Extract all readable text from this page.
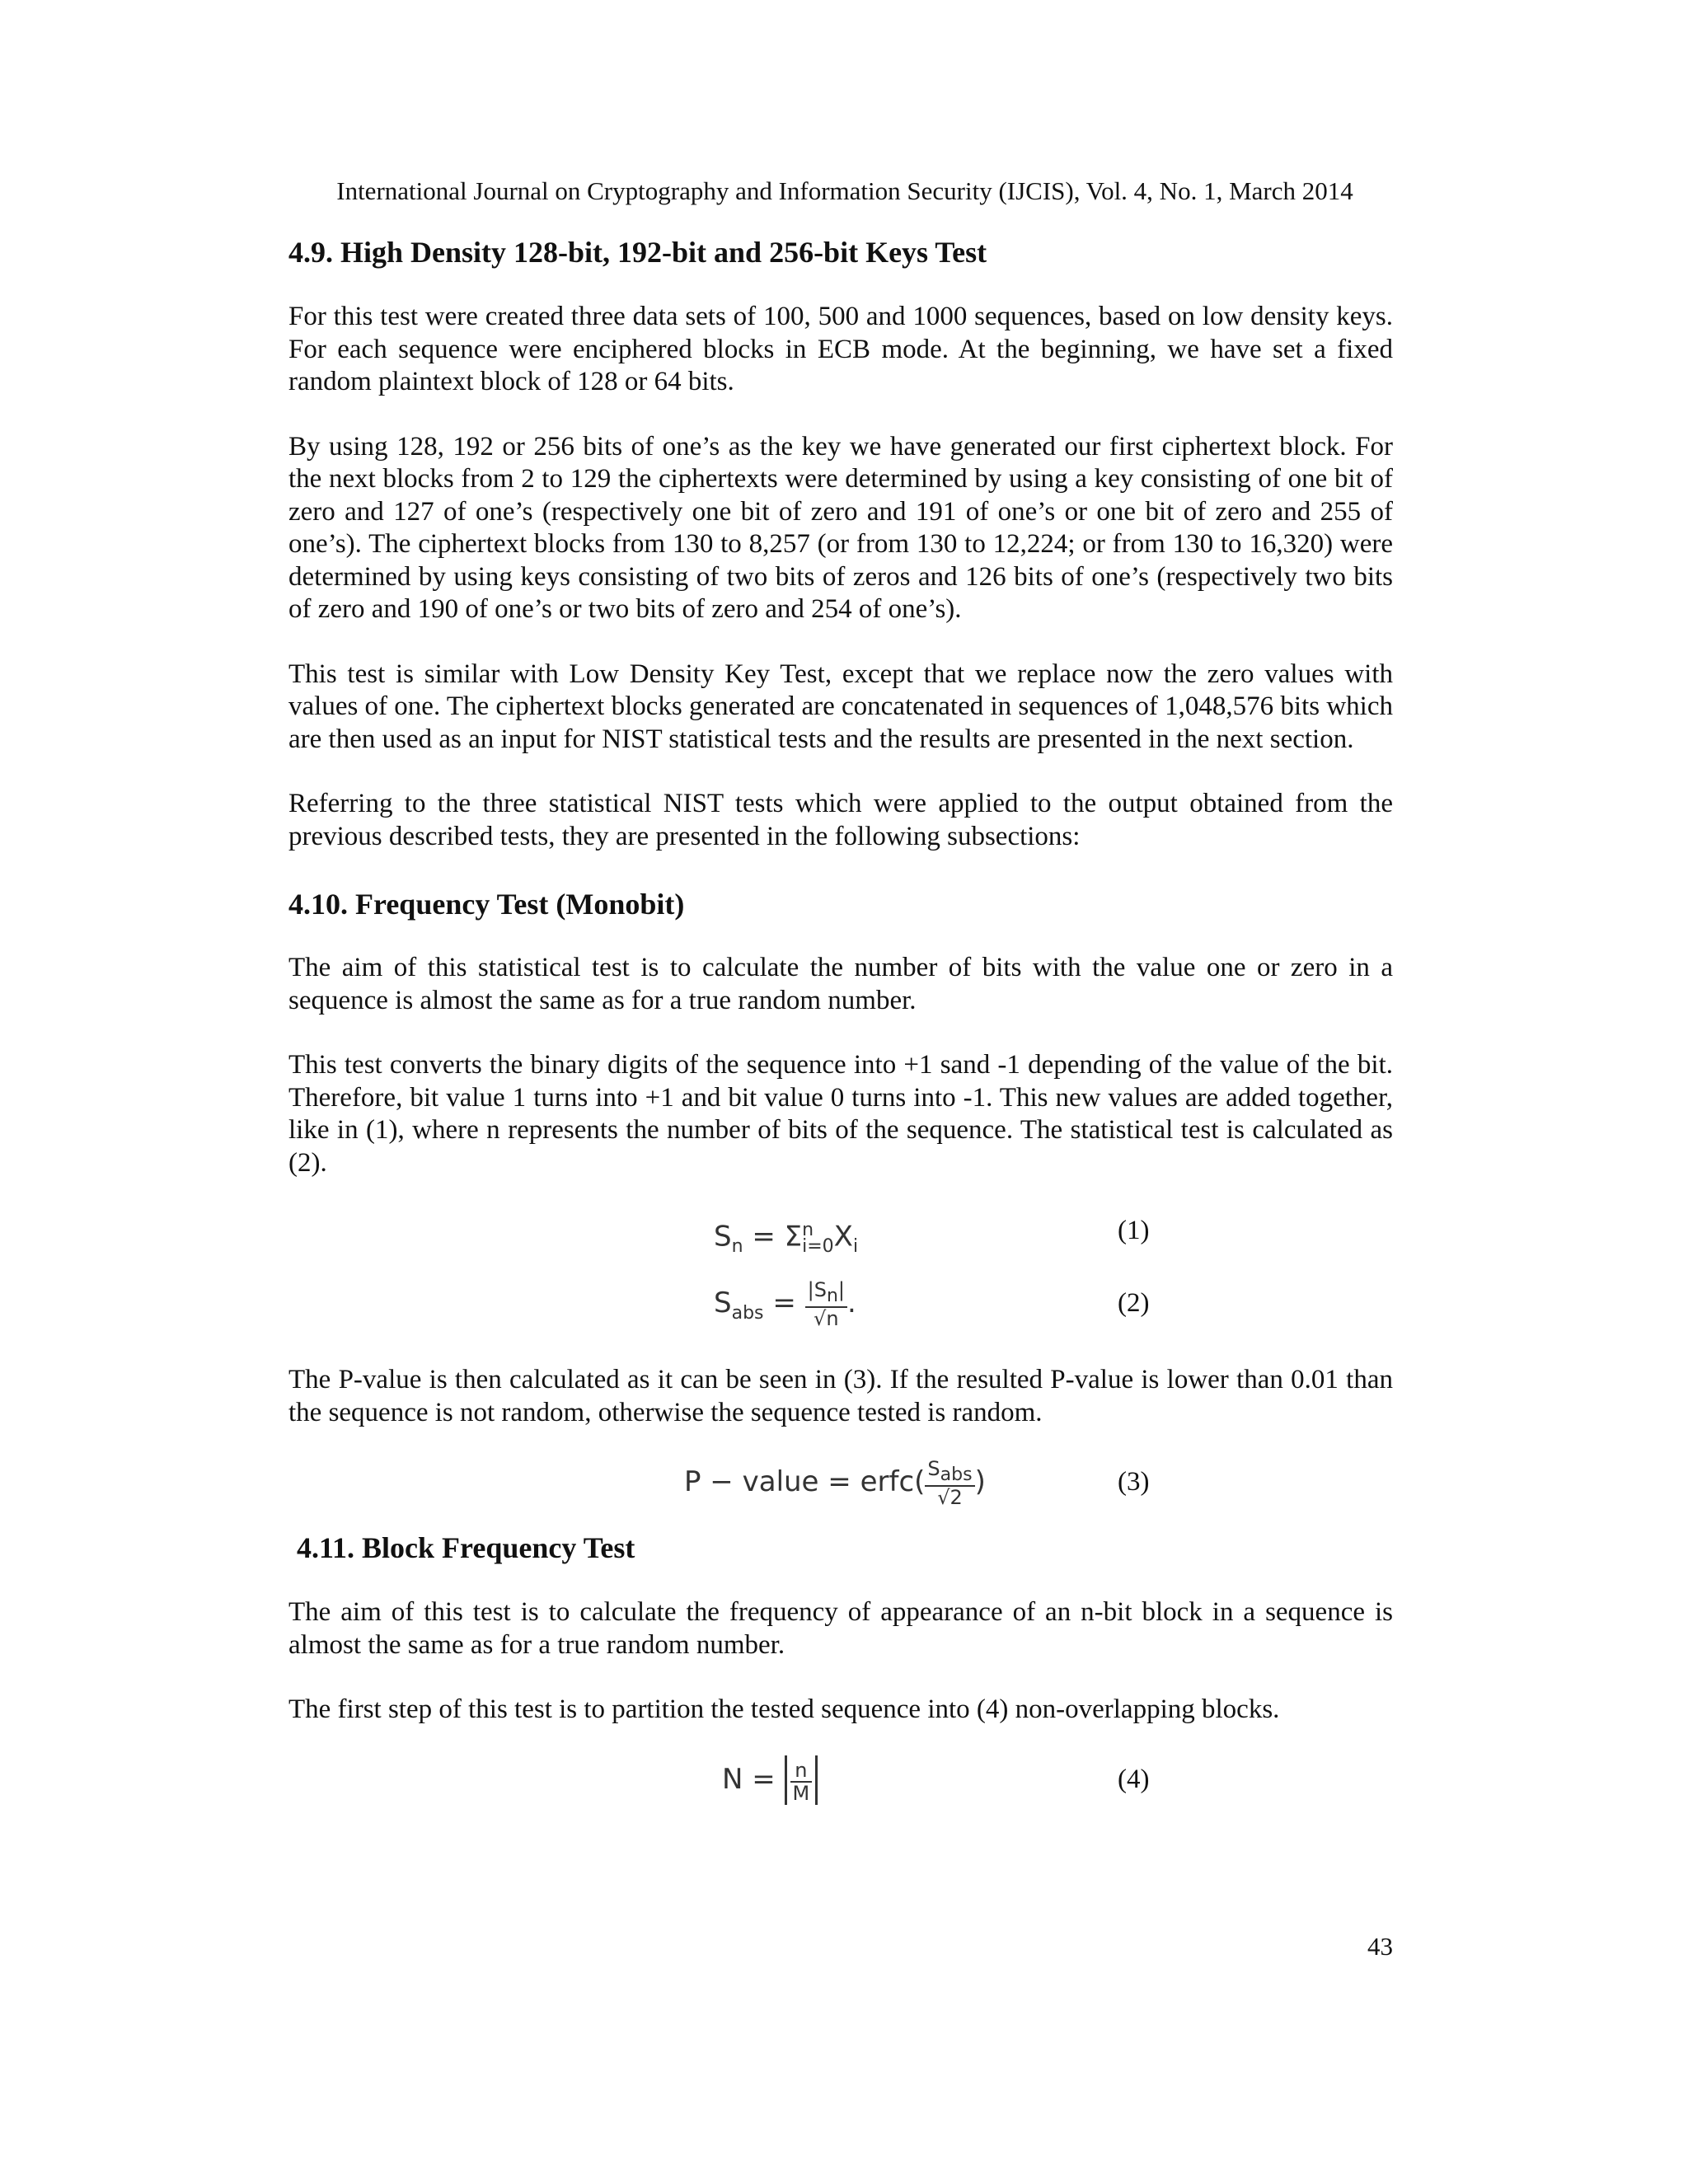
International Journal on Cryptography and Information Security (IJCIS), Vol. 4, No. 1, March 2014
4.9. High Density 128-bit, 192-bit and 256-bit Keys Test

For this test were created three data sets of 100, 500 and 1000 sequences, based on low density keys. For each sequence were enciphered blocks in ECB mode. At the beginning, we have set a fixed random plaintext block of 128 or 64 bits.

By using 128, 192 or 256 bits of one’s as the key we have generated our first ciphertext block. For the next blocks from 2 to 129 the ciphertexts were determined by using a key consisting of one bit of zero and 127 of one’s (respectively one bit of zero and 191 of one’s or one bit of zero and 255 of one’s). The ciphertext blocks from 130 to 8,257 (or from 130 to 12,224; or from 130 to 16,320) were determined by using keys consisting of two bits of zeros and 126 bits of one’s (respectively two bits of zero and 190 of one’s or two bits of zero and 254 of one’s).

This test is similar with Low Density Key Test, except that we replace now the zero values with values of one. The ciphertext blocks generated are concatenated in sequences of 1,048,576 bits which are then used as an input for NIST statistical tests and the results are presented in the next section.

Referring to the three statistical NIST tests which were applied to the output obtained from the previous described tests, they are presented in the following subsections:

4.10. Frequency Test (Monobit)

The aim of this statistical test is to calculate the number of bits with the value one or zero in a sequence is almost the same as for a true random number.

This test converts the binary digits of the sequence into +1 sand -1 depending of the value of the bit. Therefore, bit value 1 turns into +1 and bit value 0 turns into -1. This new values are added together, like in (1), where n represents the number of bits of the sequence. The statistical test is calculated as (2).

$S_n = \Sigma^n_{i=0}X_i$
(1)
$S_{abs} = \frac{|S_n|}{√n}$ .	(2)

The P-value is then calculated as it can be seen in (3). If the resulted P-value is lower than 0.01 than the sequence is not random, otherwise the sequence tested is random.

P − value = erfc( $\frac{S_{abs}}{√2}$ )	(3)
4.11. Block Frequency Test

The aim of this test is to calculate the frequency of appearance of an n-bit block in a sequence is almost the same as for a true random number.

The first step of this test is to partition the tested sequence into (4) non-overlapping blocks.

$N = \frac{n}{M}$	(4)
43
